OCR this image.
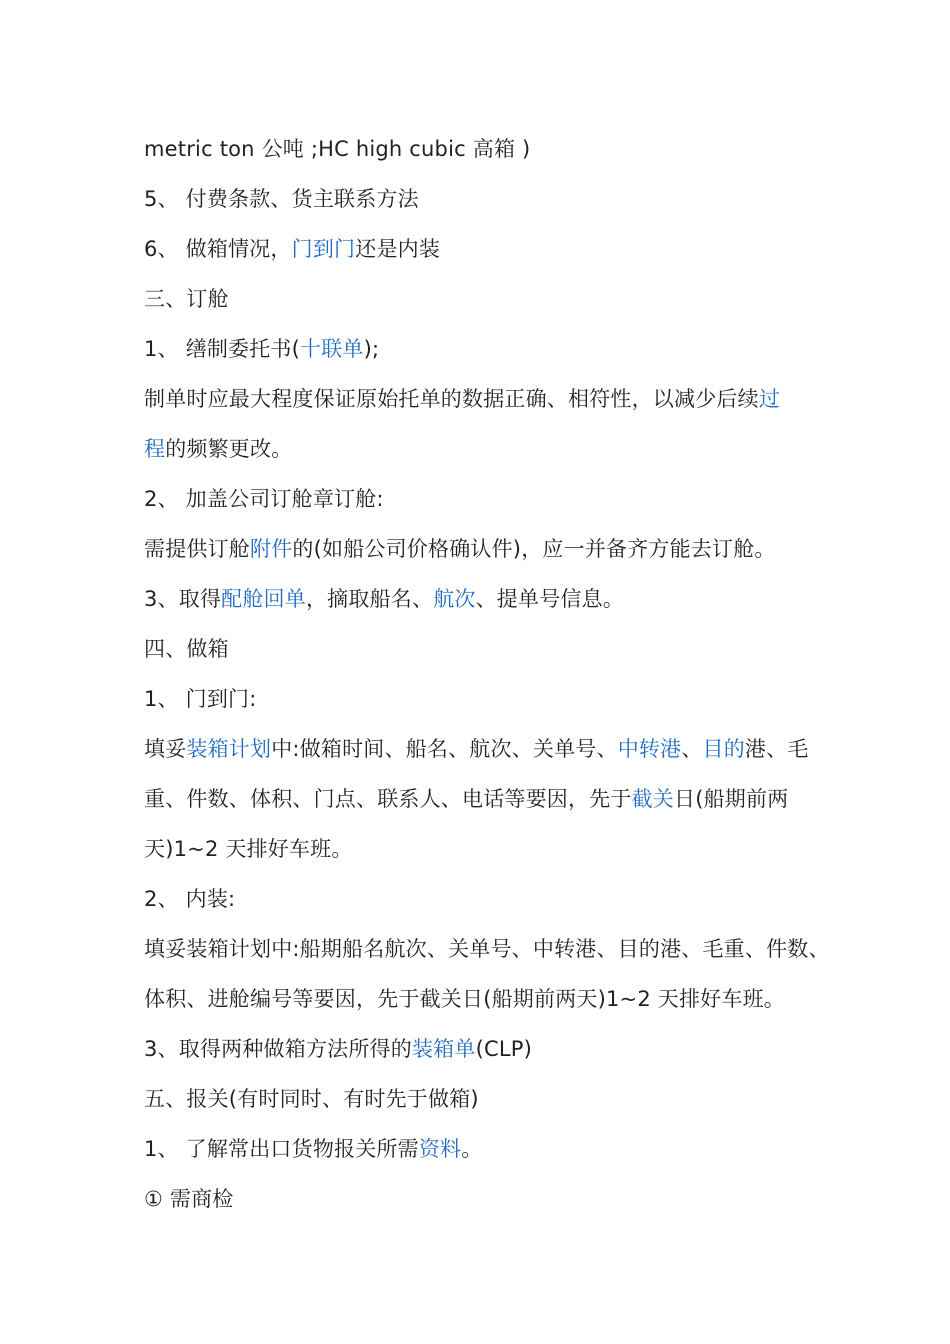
metric ton 公吨 ;HC high cubic 高箱 )
5、 付费条款、货主联系方法
6、 做箱情况，门到门还是内装
三、订舱
1、 缮制委托书(十联单);
制单时应最大程度保证原始托单的数据正确、相符性，以减少后续过
程的频繁更改。
2、 加盖公司订舱章订舱:
需提供订舱附件的(如船公司价格确认件)，应一并备齐方能去订舱。
3、取得配舱回单，摘取船名、航次、提单号信息。
四、做箱
1、 门到门:
填妥装箱计划中:做箱时间、船名、航次、关单号、中转港、目的港、毛
重、件数、体积、门点、联系人、电话等要因，先于截关日(船期前两
天)1~2 天排好车班。
2、 内装:
填妥装箱计划中:船期船名航次、关单号、中转港、目的港、毛重、件数、
体积、进舱编号等要因，先于截关日(船期前两天)1~2 天排好车班。
3、取得两种做箱方法所得的装箱单(CLP)
五、报关(有时同时、有时先于做箱)
1、 了解常出口货物报关所需资料。
① 需商检
